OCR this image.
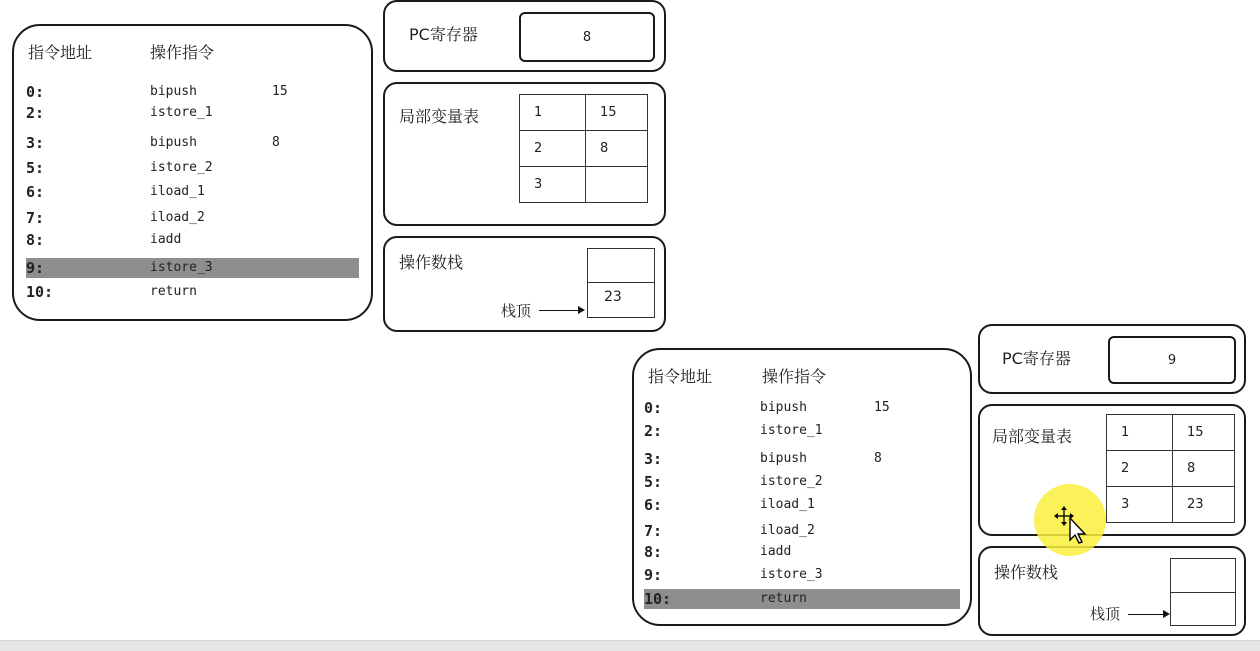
指令地址	操作指令
0:	bipush	15
2:	istore_1
3:	bipush	8
5:	istore_2
6:	iload_1
7:	iload_2
8:	iadd
9:	istore_3
10:	return
PC寄存器	8
局部变量表	1	15
2	8
3	
操作数栈
23
栈顶
指令地址	操作指令
0:	bipush	15
2:	istore_1
3:	bipush	8
5:	istore_2
6:	iload_1
7:	iload_2
8:	iadd
9:	istore_3
10:	return
PC寄存器	9
局部变量表	1	15
2	8
3	23
操作数栈
栈顶
